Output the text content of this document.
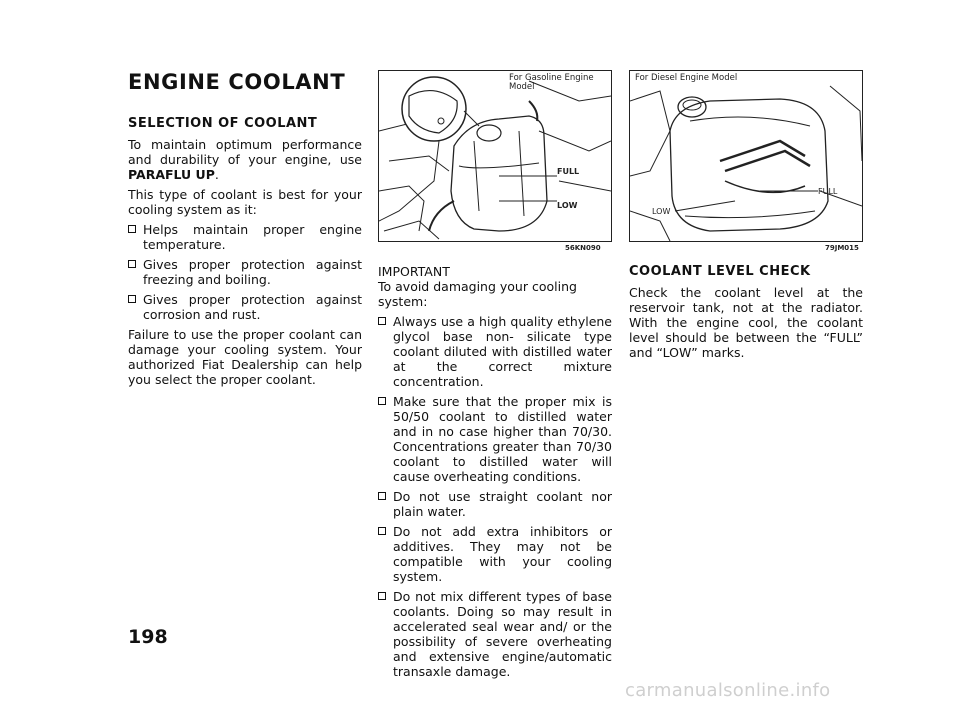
ENGINE COOLANT
SELECTION OF COOLANT

To maintain optimum performance and durability of your engine, use PARAFLU UP.

This type of coolant is best for your cooling system as it:

Helps maintain proper engine temperature.
Gives proper protection against freezing and boiling.
Gives proper protection against corrosion and rust.

Failure to use the proper coolant can damage your cooling system. Your authorized Fiat Dealership can help you select the proper coolant.

For Gasoline Engine Model
FULL
LOW
56KN090
For Diesel Engine Model
FULL
LOW
79JM015
IMPORTANT

To avoid damaging your cooling system:

Always use a high quality ethylene glycol base non- silicate type coolant diluted with distilled water at the correct mixture concentration.
Make sure that the proper mix is 50/50 coolant to distilled water and in no case higher than 70/30. Concentrations greater than 70/30 coolant to distilled water will cause overheating conditions.
Do not use straight coolant nor plain water.
Do not add extra inhibitors or additives. They may not be compatible with your cooling system.
Do not mix different types of base coolants. Doing so may result in accelerated seal wear and/ or the possibility of severe overheating and extensive engine/automatic transaxle damage.
COOLANT LEVEL CHECK

Check the coolant level at the reservoir tank, not at the radiator. With the engine cool, the coolant level should be between the “FULL” and “LOW” marks.

198
carmanualsonline.info
